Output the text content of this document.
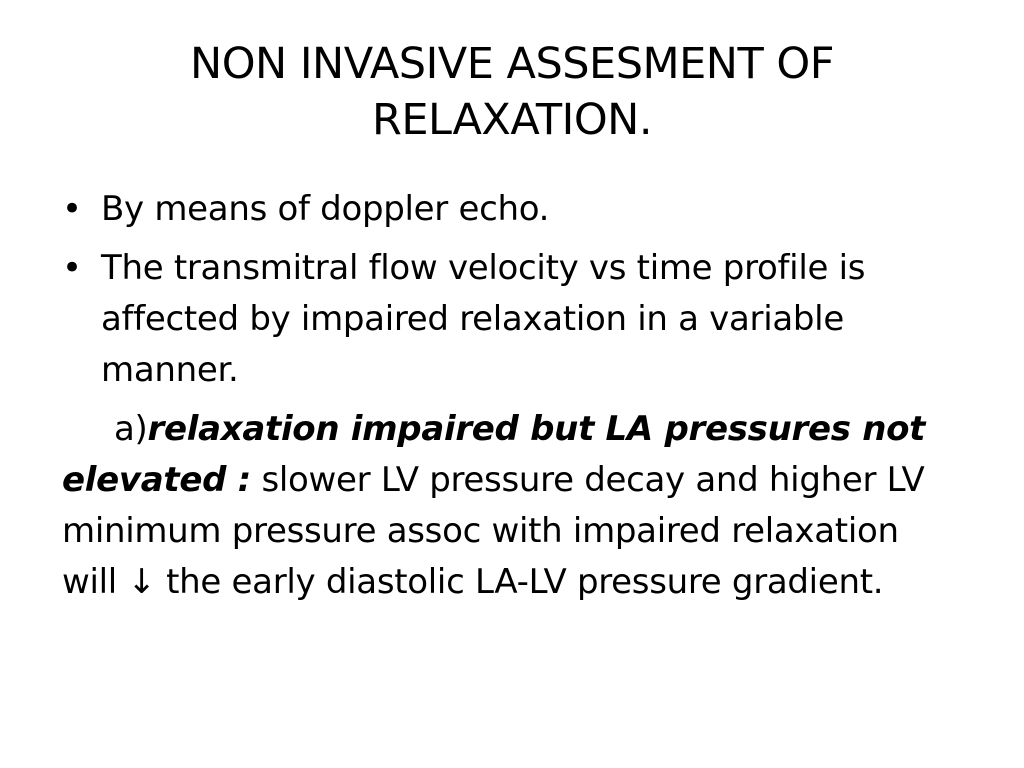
NON INVASIVE ASSESMENT OF RELAXATION.
• By means of doppler echo.
• The transmitral flow velocity vs time profile is affected by impaired relaxation in a variable manner.

a)relaxation impaired but LA pressures not elevated : slower LV pressure decay and higher LV minimum pressure assoc with impaired relaxation will ↓ the early diastolic LA-LV pressure gradient.
